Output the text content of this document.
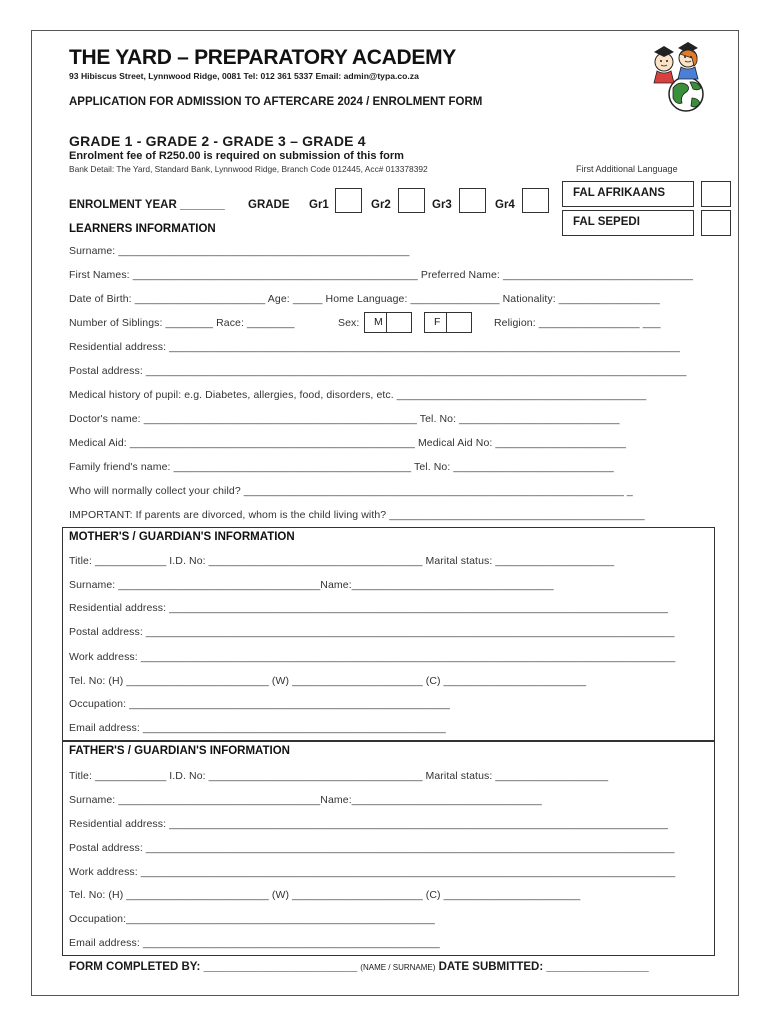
THE YARD – PREPARATORY ACADEMY
93 Hibiscus Street, Lynnwood Ridge, 0081 Tel: 012 361 5337 Email: admin@typa.co.za
APPLICATION FOR ADMISSION TO AFTERCARE 2024 / ENROLMENT FORM
GRADE 1 - GRADE 2 - GRADE 3 – GRADE 4
Enrolment fee of R250.00 is required on submission of this form
Bank Detail: The Yard, Standard Bank, Lynnwood Ridge, Branch Code 012445, Acc# 013378392	First Additional Language
FAL AFRIKAANS
FAL SEPEDI
ENROLMENT YEAR _______ GRADE Gr1	Gr2	Gr3	Gr4
LEARNERS INFORMATION
Surname: _________________________________________________
First Names: ________________________________________________ Preferred Name: ________________________________
Date of Birth: ______________________ Age: _____ Home Language: _______________ Nationality: _________________
Number of Siblings: ________ Race: ________	Sex:	M	F	Religion: _________________ ___
Residential address: ______________________________________________________________________________________
Postal address: ___________________________________________________________________________________________
Medical history of pupil: e.g. Diabetes, allergies, food, disorders, etc. __________________________________________
Doctor's name: ______________________________________________ Tel. No: ___________________________
Medical Aid: ________________________________________________ Medical Aid No: ______________________
Family friend's name: ________________________________________ Tel. No: ___________________________
Who will normally collect your child? ________________________________________________________________ _
IMPORTANT: If parents are divorced, whom is the child living with? ___________________________________________
MOTHER'S / GUARDIAN'S INFORMATION
Title: ____________ I.D. No: ____________________________________ Marital status: ____________________
Surname: __________________________________Name:__________________________________
Residential address: ____________________________________________________________________________________
Postal address: _________________________________________________________________________________________
Work address: __________________________________________________________________________________________
Tel. No: (H) ________________________ (W) ______________________ (C) ________________________
Occupation: ______________________________________________________
Email address: ___________________________________________________
FATHER'S / GUARDIAN'S INFORMATION
Title: ____________ I.D. No: ____________________________________ Marital status: ___________________
Surname: __________________________________Name:________________________________
Residential address: ____________________________________________________________________________________
Postal address: _________________________________________________________________________________________
Work address: __________________________________________________________________________________________
Tel. No: (H) ________________________ (W) ______________________ (C) _______________________
Occupation:____________________________________________________
Email address: __________________________________________________
FORM COMPLETED BY: ________________________ (NAME / SURNAME) DATE SUBMITTED: ________________
